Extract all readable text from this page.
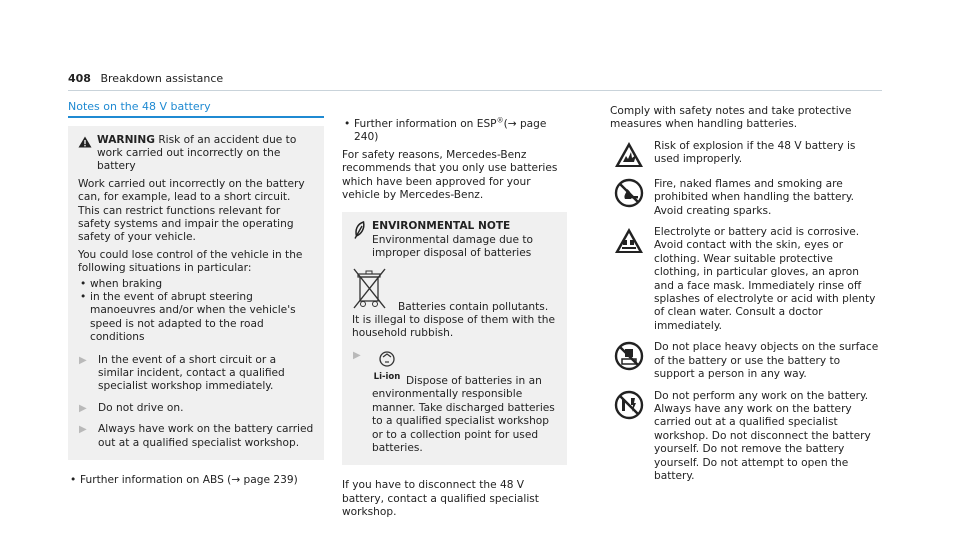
408 Breakdown assistance
Notes on the 48 V battery

WARNING Risk of an accident due to work carried out incorrectly on the battery

Work carried out incorrectly on the battery can, for example, lead to a short circuit. This can restrict functions relevant for safety systems and impair the operating safety of your vehicle.

You could lose control of the vehicle in the following situations in particular:

• when braking
• in the event of abrupt steering manoeuvres and/or when the vehicle's speed is not adapted to the road conditions
▶	In the event of a short circuit or a similar incident, contact a qualified specialist workshop immediately.

▶	Do not drive on.

▶	Always have work on the battery carried out at a qualified specialist workshop.

• Further information on ABS (→ page 239)

• Further information on ESP®(→ page 240)

For safety reasons, Mercedes-Benz recommends that you only use batteries which have been approved for your vehicle by Mercedes-Benz.

ENVIRONMENTAL NOTE Environmental damage due to improper disposal of batteries

Batteries contain pollutants. It is illegal to dispose of them with the household rubbish.

▶
Li-ion Dispose of batteries in an environmentally responsible manner. Take discharged batteries to a qualified specialist workshop or to a collection point for used batteries.

If you have to disconnect the 48 V battery, contact a qualified specialist workshop.

Comply with safety notes and take protective measures when handling batteries.

Risk of explosion if the 48 V battery is used improperly.

Fire, naked flames and smoking are prohibited when handling the battery. Avoid creating sparks.

Electrolyte or battery acid is corrosive. Avoid contact with the skin, eyes or clothing. Wear suitable protective clothing, in particular gloves, an apron and a face mask. Immediately rinse off splashes of electrolyte or acid with plenty of clean water. Consult a doctor immediately.

Do not place heavy objects on the surface of the battery or use the battery to support a person in any way.

Do not perform any work on the battery. Always have any work on the battery carried out at a qualified specialist workshop. Do not disconnect the battery yourself. Do not remove the battery yourself. Do not attempt to open the battery.
